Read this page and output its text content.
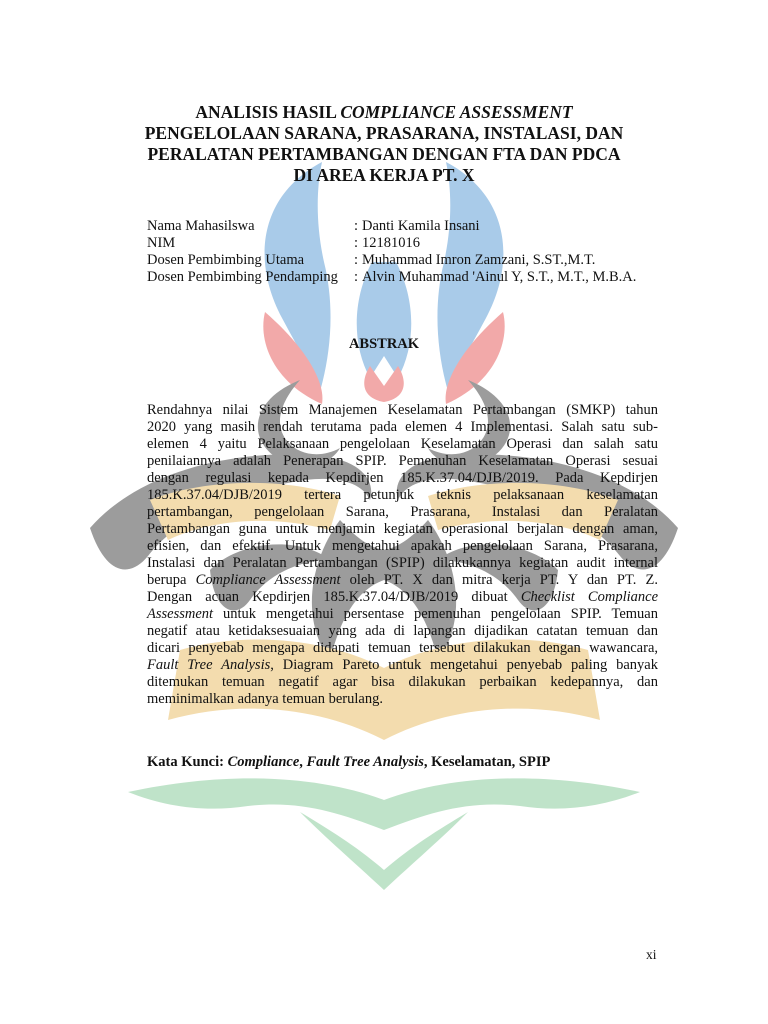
ANALISIS HASIL COMPLIANCE ASSESSMENT
PENGELOLAAN SARANA, PRASARANA, INSTALASI, DAN
PERALATAN PERTAMBANGAN DENGAN FTA DAN PDCA
DI AREA KERJA PT. X
Nama Mahasilswa	: Danti Kamila Insani
NIM	: 12181016
Dosen Pembimbing Utama	: Muhammad Imron Zamzani, S.ST.,M.T.
Dosen Pembimbing Pendamping	: Alvin Muhammad 'Ainul Y, S.T., M.T., M.B.A.
ABSTRAK
Rendahnya nilai Sistem Manajemen Keselamatan Pertambangan (SMKP) tahun
2020 yang masih rendah terutama pada elemen 4 Implementasi. Salah satu sub-
elemen 4 yaitu Pelaksanaan pengelolaan Keselamatan Operasi dan salah satu
penilaiannya adalah Penerapan SPIP. Pemenuhan Keselamatan Operasi sesuai
dengan regulasi kepada Kepdirjen 185.K.37.04/DJB/2019. Pada Kepdirjen
185.K.37.04/DJB/2019 tertera petunjuk teknis pelaksanaan keselamatan
pertambangan, pengelolaan Sarana, Prasarana, Instalasi dan Peralatan
Pertambangan guna untuk menjamin kegiatan operasional berjalan dengan aman,
efisien, dan efektif. Untuk mengetahui apakah pengelolaan Sarana, Prasarana,
Instalasi dan Peralatan Pertambangan (SPIP) dilakukannya kegiatan audit internal
berupa Compliance Assessment oleh PT. X dan mitra kerja PT. Y dan PT. Z.
Dengan acuan Kepdirjen 185.K.37.04/DJB/2019 dibuat Checklist Compliance
Assessment untuk mengetahui persentase pemenuhan pengelolaan SPIP. Temuan
negatif atau ketidaksesuaian yang ada di lapangan dijadikan catatan temuan dan
dicari penyebab mengapa didapati temuan tersebut dilakukan dengan wawancara,
Fault Tree Analysis, Diagram Pareto untuk mengetahui penyebab paling banyak
ditemukan temuan negatif agar bisa dilakukan perbaikan kedepannya, dan
meminimalkan adanya temuan berulang.
Kata Kunci: Compliance, Fault Tree Analysis, Keselamatan, SPIP
xi
